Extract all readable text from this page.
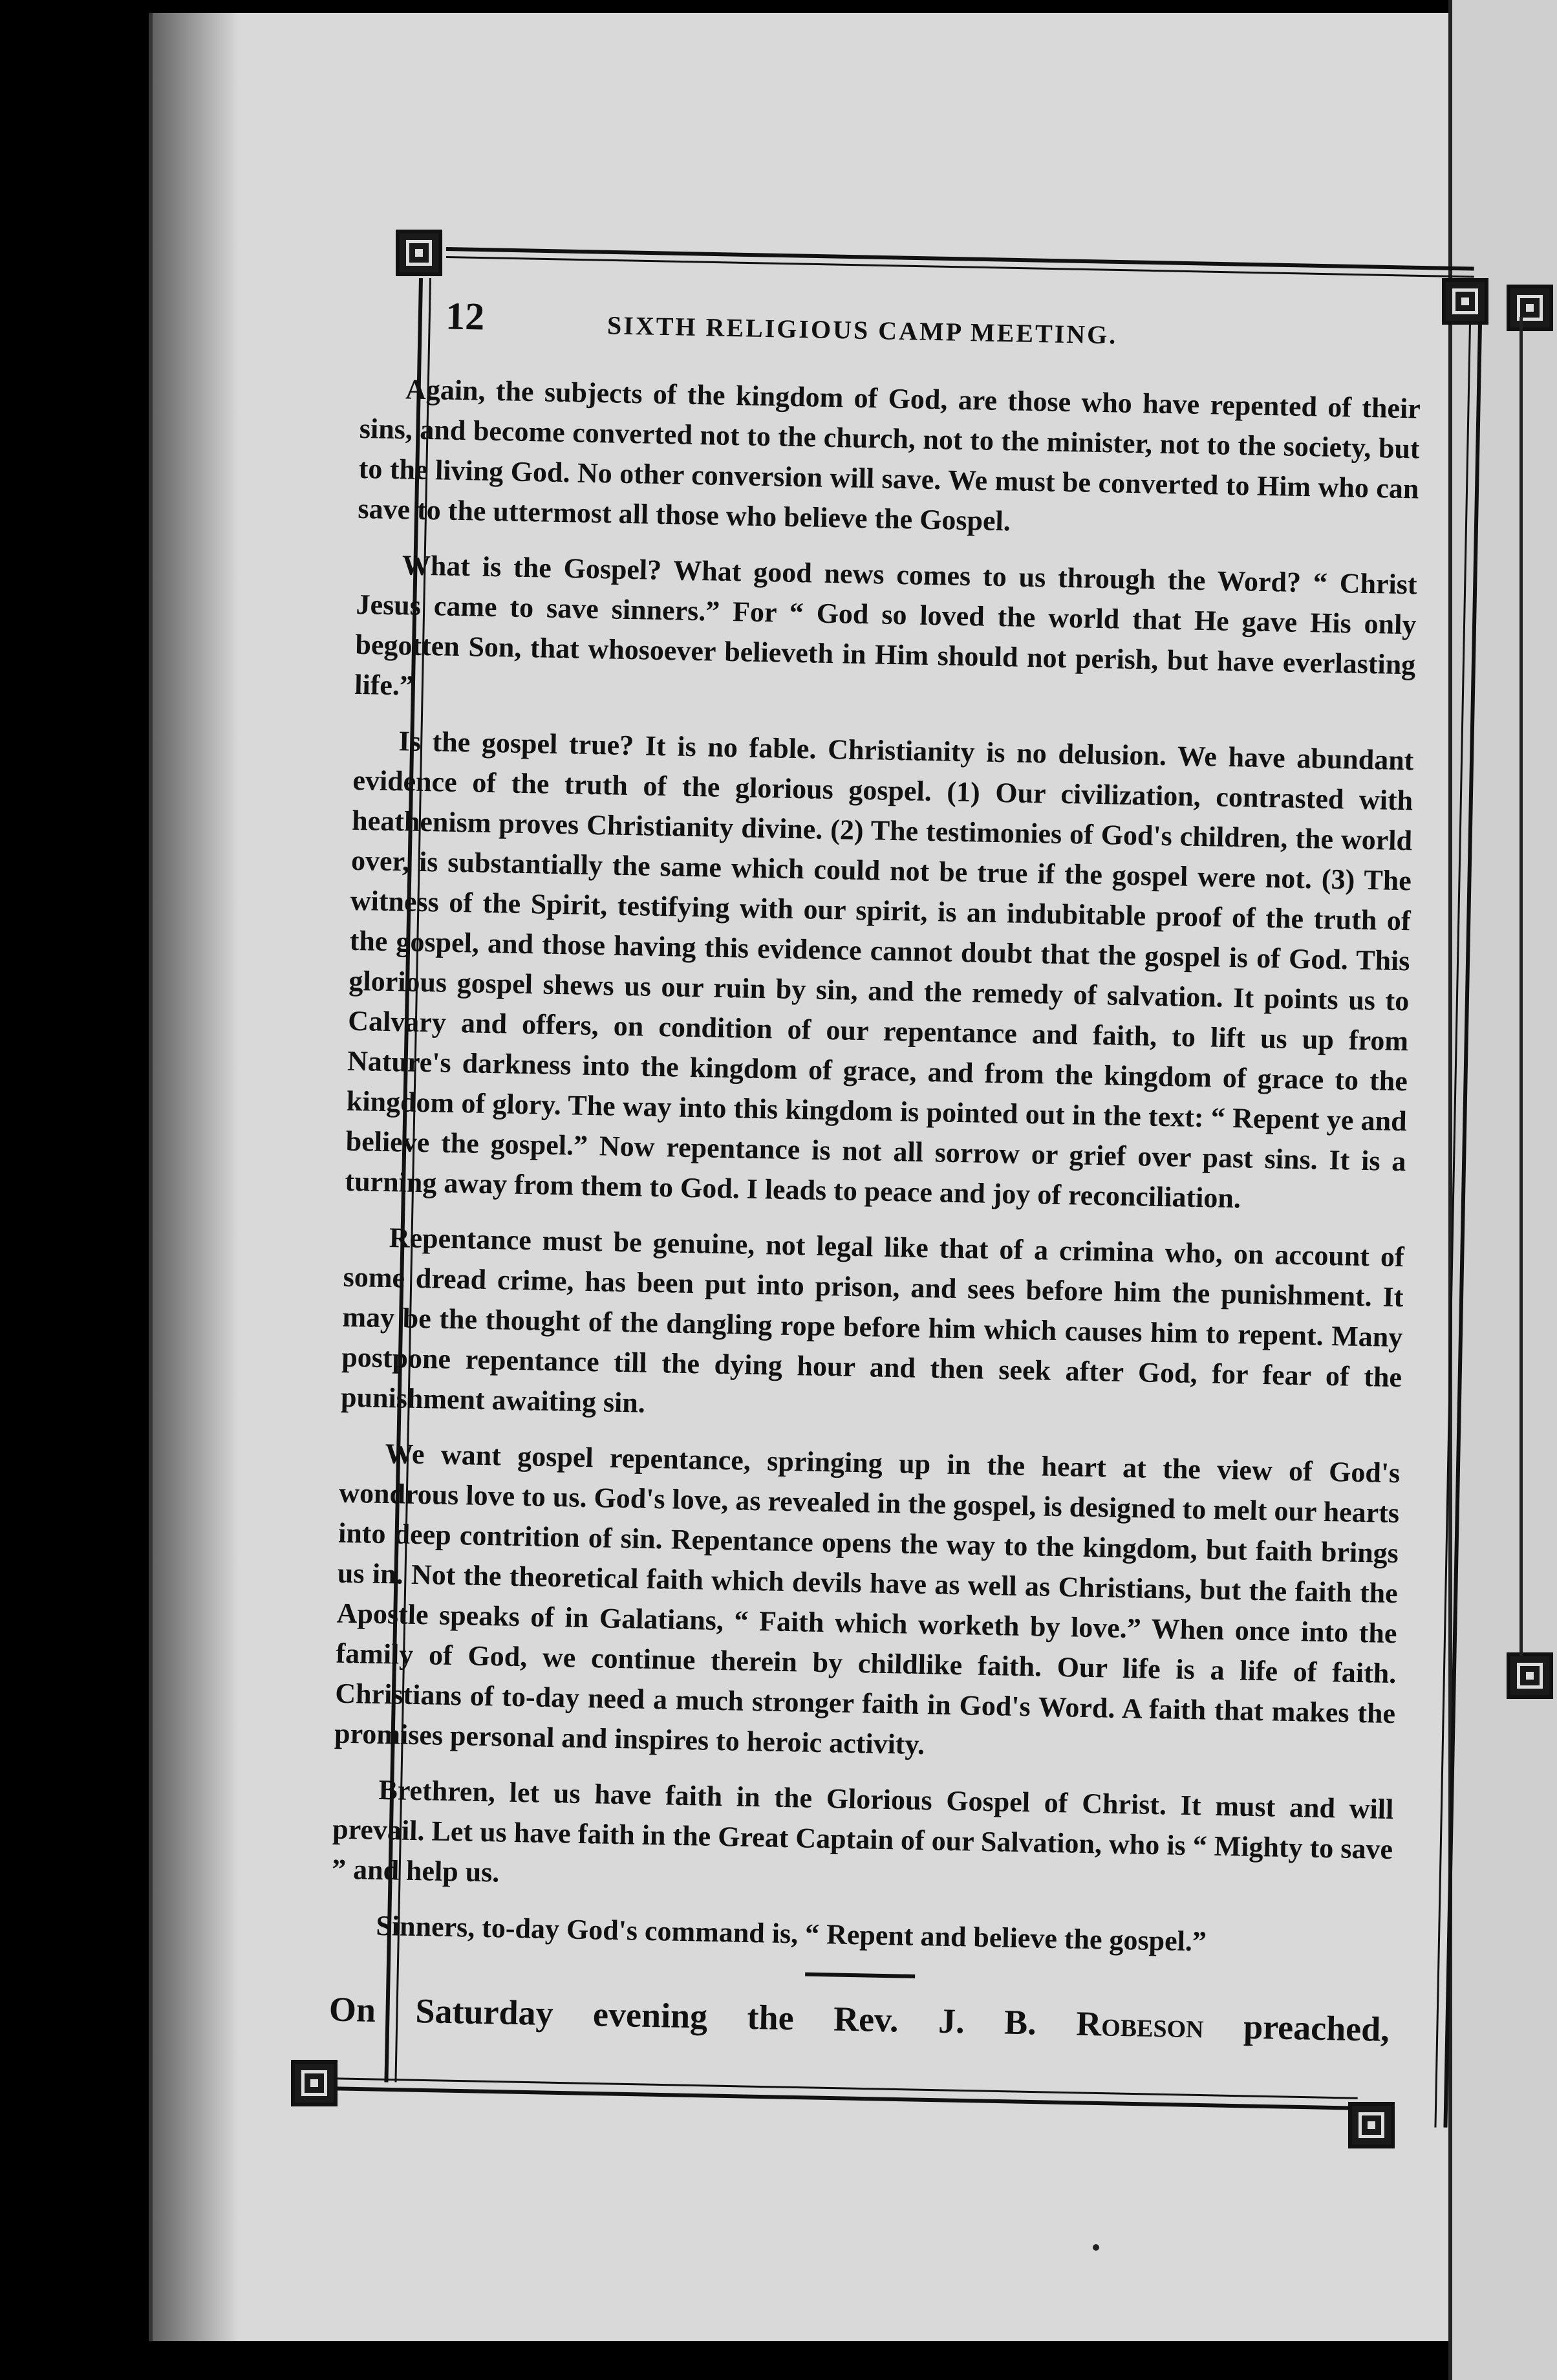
12	SIXTH RELIGIOUS CAMP MEETING.

Again, the subjects of the kingdom of God, are those who have repented of their sins, and become converted not to the church, not to the minister, not to the society, but to the living God. No other conversion will save. We must be converted to Him who can save to the uttermost all those who believe the Gospel.

What is the Gospel? What good news comes to us through the Word? “ Christ Jesus came to save sinners.” For “ God so loved the world that He gave His only begotten Son, that whosoever believeth in Him should not perish, but have everlasting life.”

Is the gospel true? It is no fable. Christianity is no delusion. We have abundant evidence of the truth of the glorious gospel. (1) Our civilization, contrasted with heathenism proves Christianity divine. (2) The testimonies of God's children, the world over, is substantially the same which could not be true if the gospel were not. (3) The witness of the Spirit, testifying with our spirit, is an indubitable proof of the truth of the gospel, and those having this evidence cannot doubt that the gospel is of God. This glorious gospel shews us our ruin by sin, and the remedy of salvation. It points us to Calvary and offers, on condition of our repentance and faith, to lift us up from Nature's darkness into the kingdom of grace, and from the kingdom of grace to the kingdom of glory. The way into this kingdom is pointed out in the text: “ Repent ye and believe the gospel.” Now repentance is not all sorrow or grief over past sins. It is a turning away from them to God. I leads to peace and joy of reconciliation.

Repentance must be genuine, not legal like that of a crimina who, on account of some dread crime, has been put into prison, and sees before him the punishment. It may be the thought of the dangling rope before him which causes him to repent. Many postpone repentance till the dying hour and then seek after God, for fear of the punishment awaiting sin.

We want gospel repentance, springing up in the heart at the view of God's wondrous love to us. God's love, as revealed in the gospel, is designed to melt our hearts into deep contrition of sin. Repentance opens the way to the kingdom, but faith brings us in. Not the theoretical faith which devils have as well as Christians, but the faith the Apostle speaks of in Galatians, “ Faith which worketh by love.” When once into the family of God, we continue therein by childlike faith. Our life is a life of faith. Christians of to-day need a much stronger faith in God's Word. A faith that makes the promises personal and inspires to heroic activity.

Brethren, let us have faith in the Glorious Gospel of Christ. It must and will prevail. Let us have faith in the Great Captain of our Salvation, who is “ Mighty to save ” and help us.

Sinners, to-day God's command is, “ Repent and believe the gospel.”

On Saturday evening the Rev. J. B. Robeson preached,
